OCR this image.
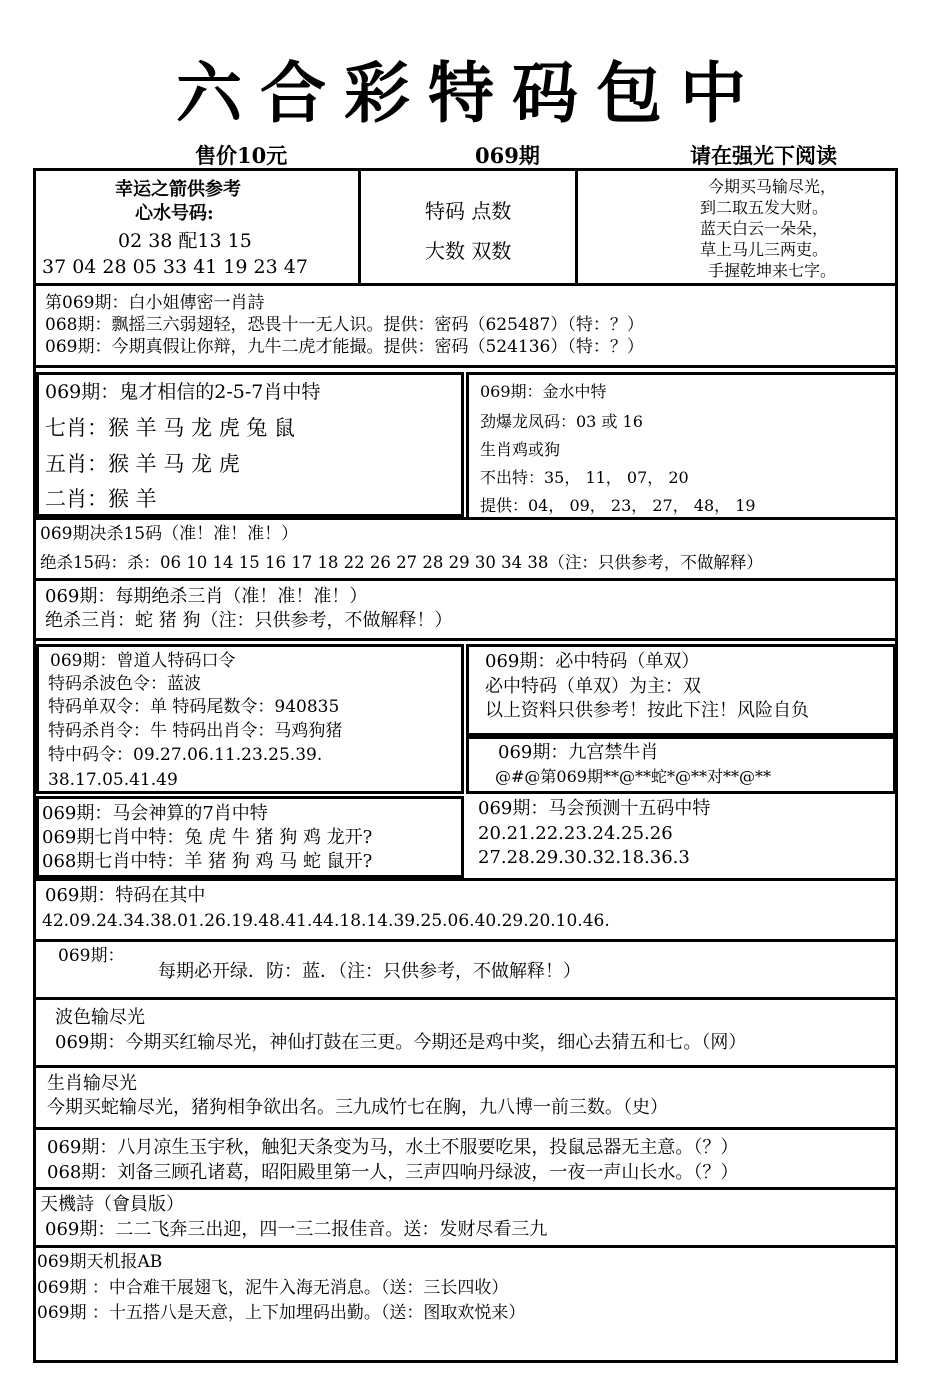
六合彩特码包中
售价10元	069期	请在强光下阅读
幸运之箭供参考
心水号码:
02 38 配13 15
37 04 28 05 33 41 19 23 47
特码 点数
大数 双数
今期买马输尽光，
到二取五发大财。
蓝天白云一朵朵，
草上马儿三两吏。
手握乾坤来七字。
第069期：白小姐傳密一肖詩
068期：飘摇三六弱翅轻，恐畏十一无人识。提供：密码（625487）（特：？）
069期：今期真假让你辩，九牛二虎才能撮。提供：密码（524136）（特：？）
069期：鬼才相信的2-5-7肖中特
七肖：猴 羊 马 龙 虎 兔 鼠
五肖：猴 羊 马 龙 虎
二肖：猴 羊
069期：金水中特
劲爆龙凤码：03 或 16
生肖鸡或狗
不出特：35， 11， 07， 20
提供：04， 09， 23， 27， 48， 19
069期决杀15码（准！准！准！）
绝杀15码：杀：06 10 14 15 16 17 18 22 26 27 28 29 30 34 38（注：只供参考，不做解释）
069期：每期绝杀三肖（准！准！准！）
绝杀三肖：蛇 猪 狗（注：只供参考，不做解释！）
069期：曾道人特码口令
特码杀波色令：蓝波
特码单双令：单 特码尾数令：940835
特码杀肖令：牛 特码出肖令：马鸡狗猪
特中码令：09.27.06.11.23.25.39.
38.17.05.41.49
069期：必中特码（单双）
必中特码（单双）为主：双
以上资料只供参考！按此下注！风险自负
069期：九宫禁牛肖
@#@第069期**@**蛇*@**对**@**
069期：马会神算的7肖中特
069期七肖中特：兔 虎 牛 猪 狗 鸡 龙开?
068期七肖中特：羊 猪 狗 鸡 马 蛇 鼠开?
069期：马会预测十五码中特
20.21.22.23.24.25.26
27.28.29.30.32.18.36.3
069期：特码在其中
42.09.24.34.38.01.26.19.48.41.44.18.14.39.25.06.40.29.20.10.46.
069期：
每期必开绿．防：蓝．（注：只供参考，不做解释！）
波色输尽光
069期：今期买红输尽光，神仙打鼓在三更。今期还是鸡中奖，细心去猜五和七。（网）
生肖输尽光
今期买蛇输尽光，猪狗相争欲出名。三九成竹七在胸，九八博一前三数。（史）
069期：八月凉生玉宇秋，触犯天条变为马，水土不服要吃果，投鼠忌器无主意。（？）
068期：刘备三顾孔诸葛，昭阳殿里第一人，三声四响丹绿波，一夜一声山长水。（？）
天機詩（會員版）
069期：二二飞奔三出迎，四一三二报佳音。送：发财尽看三九
069期天机报AB
069期 ：中合难干展翅飞，泥牛入海无消息。（送：三长四收）
069期 ：十五搭八是天意，上下加埋码出勤。（送：图取欢悦来）
